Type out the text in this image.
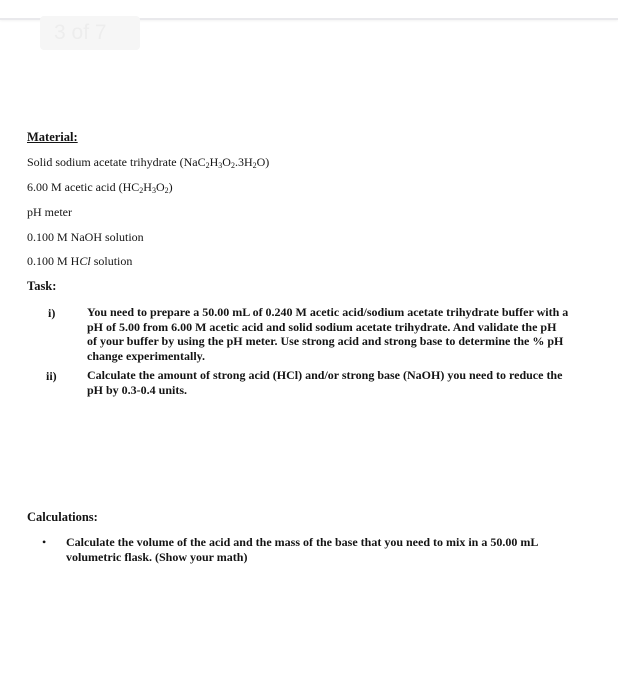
3 of 7
Material:
Solid sodium acetate trihydrate $(NaC_2H_3O_2.3H_2O)$
6.00 M acetic acid $(HC_2H_3O_2)$
pH meter
0.100 M NaOH solution
0.100 M HCl solution
Task:
i)	You need to prepare a 50.00 mL of 0.240 M acetic acid/sodium acetate trihydrate buffer with a pH of 5.00 from 6.00 M acetic acid and solid sodium acetate trihydrate. And validate the pH of your buffer by using the pH meter. Use strong acid and strong base to determine the % pH change experimentally.
ii)	Calculate the amount of strong acid (HCl) and/or strong base (NaOH) you need to reduce the pH by 0.3-0.4 units.
Calculations:
• Calculate the volume of the acid and the mass of the base that you need to mix in a 50.00 mL volumetric flask. (Show your math)
